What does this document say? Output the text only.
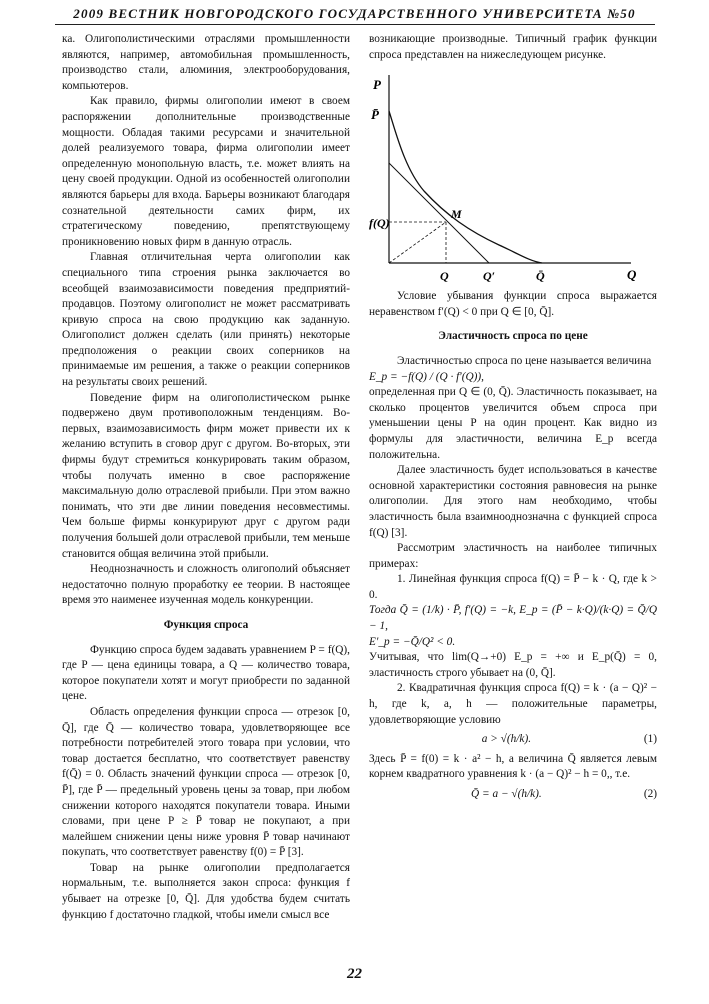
2009 ВЕСТНИК НОВГОРОДСКОГО ГОСУДАРСТВЕННОГО УНИВЕРСИТЕТА №50

ка. Олигополистическими отраслями промышленности являются, например, автомобильная промышленность, производство стали, алюминия, электрооборудования, компьютеров.

Как правило, фирмы олигополии имеют в своем распоряжении дополнительные производственные мощности. Обладая такими ресурсами и значительной долей реализуемого товара, фирма олигополии имеет определенную монопольную власть, т.е. может влиять на цену своей продукции. Одной из особенностей олигополии являются барьеры для входа. Барьеры возникают благодаря сознательной деятельности самих фирм, их стратегическому поведению, препятствующему проникновению новых фирм в данную отрасль.

Главная отличительная черта олигополии как специального типа строения рынка заключается во всеобщей взаимозависимости поведения предприятий-продавцов. Поэтому олигополист не может рассматривать кривую спроса на свою продукцию как заданную. Олигополист должен сделать (или принять) некоторые предположения о реакции своих соперников на принимаемые им решения, а также о реакции соперников на результаты своих решений.

Поведение фирм на олигополистическом рынке подвержено двум противоположным тенденциям. Во-первых, взаимозависимость фирм может привести их к желанию вступить в сговор друг с другом. Во-вторых, эти фирмы будут стремиться конкурировать таким образом, чтобы получать именно в свое распоряжение максимальную долю отраслевой прибыли. При этом важно понимать, что эти две линии поведения несовместимы. Чем больше фирмы конкурируют друг с другом ради получения большей доли отраслевой прибыли, тем меньше становится общая величина этой прибыли.

Неоднозначность и сложность олигополий объясняет недостаточно полную проработку ее теории. В настоящее время это наименее изученная модель конкуренции.

Функция спроса

Функцию спроса будем задавать уравнением P = f(Q), где P — цена единицы товара, а Q — количество товара, которое покупатели хотят и могут приобрести по заданной цене.

Область определения функции спроса — отрезок [0, Q̄], где Q̄ — количество товара, удовлетворяющее все потребности потребителей этого товара при условии, что товар достается бесплатно, что соответствует равенству f(Q̄) = 0. Область значений функции спроса — отрезок [0, P̄], где P̄ — предельный уровень цены за товар, при любом снижении которого находятся покупатели товара. Иными словами, при цене P ≥ P̄ товар не покупают, а при малейшем снижении цены ниже уровня P̄ товар начинают покупать, что соответствует равенству f(0) = P̄ [3].

Товар на рынке олигополии предполагается нормальным, т.е. выполняется закон спроса: функция f убывает на отрезке [0, Q̄]. Для удобства будем считать функцию f достаточно гладкой, чтобы имели смысл все

возникающие производные. Типичный график функции спроса представлен на нижеследующем рисунке.

P
P̄
f(Q)
M
Q	Q′	Q̄	Q

Условие убывания функции спроса выражается неравенством f′(Q) < 0 при Q ∈ [0, Q̄].

Эластичность спроса по цене

Эластичностью спроса по цене называется величина

E_p = −f(Q) / (Q · f′(Q)),

определенная при Q ∈ (0, Q̄). Эластичность показывает, на сколько процентов увеличится объем спроса при уменьшении цены P на один процент. Как видно из формулы для эластичности, величина E_p всегда положительна.

Далее эластичность будет использоваться в качестве основной характеристики состояния равновесия на рынке олигополии. Для этого нам необходимо, чтобы эластичность была взаимнооднозначна с функцией спроса f(Q) [3].

Рассмотрим эластичность на наиболее типичных примерах:

1. Линейная функция спроса f(Q) = P̄ − k · Q, где k > 0.

Тогда Q̄ = (1/k) · P̄, f′(Q) = −k, E_p = (P̄ − k·Q)/(k·Q) = Q̄/Q − 1,

E′_p = −Q̄/Q² < 0.

Учитывая, что lim(Q→+0) E_p = +∞ и E_p(Q̄) = 0, эластичность строго убывает на (0, Q̄].

2. Квадратичная функция спроса f(Q) = k · (a − Q)² − h, где k, a, h — положительные параметры, удовлетворяющие условию

a > √(h/k).	(1)

Здесь P̄ = f(0) = k · a² − h, а величина Q̄ является левым корнем квадратного уравнения k · (a − Q)² − h = 0,, т.е.

Q̄ = a − √(h/k).	(2)
22
